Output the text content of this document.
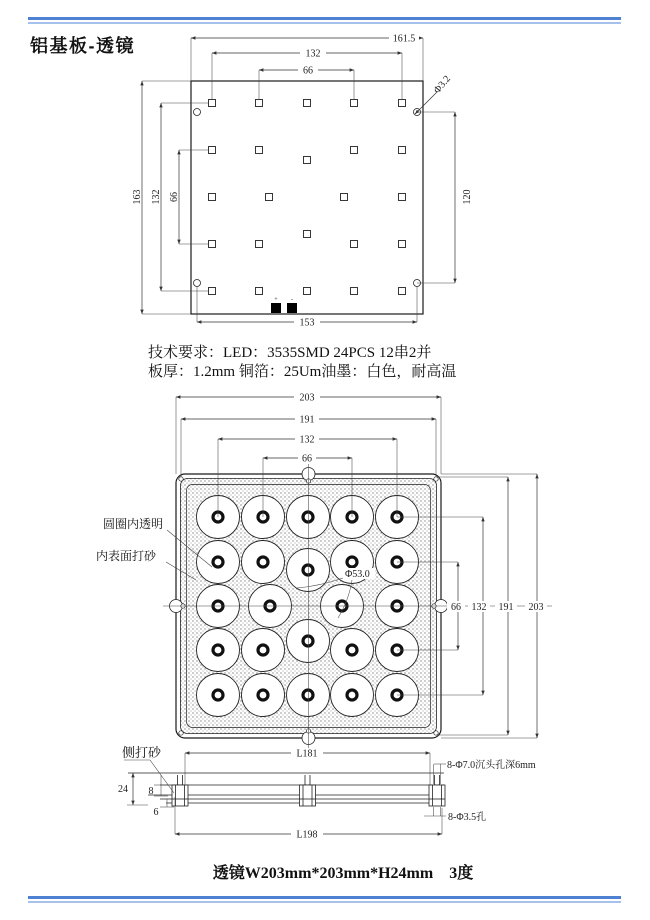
铝基板-透镜
技术要求：LED：3535SMD 24PCS 12串2并
板厚：1.2mm 铜箔：25Um油墨：白色，耐高温
透镜W203mm*203mm*H24mm　3度
+ -
161.5
132
66
163 132 66	120
153
Φ3.2
203
191
132
66
66 132 191 203
Φ53.0
圆圈内透明
内表面打砂
24 8
6
L181
L198
8-Φ7.0沉头孔深6mm
8-Φ3.5孔
侧打砂
